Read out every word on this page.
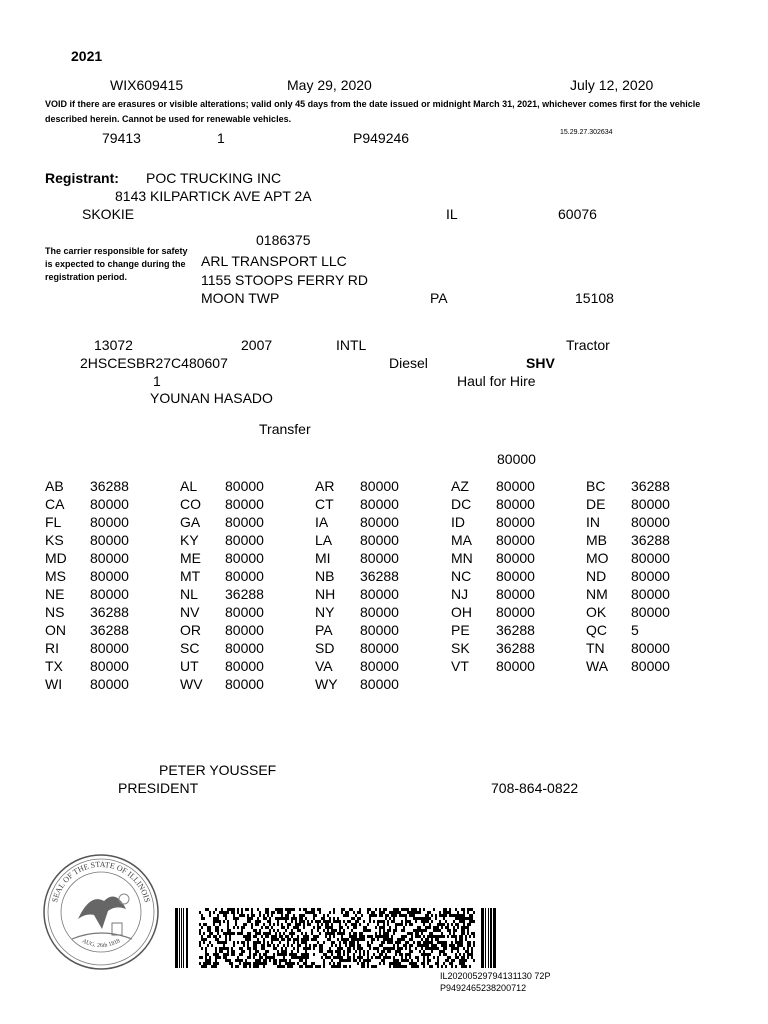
2021
WIX609415	May 29, 2020	July 12, 2020
VOID if there are erasures or visible alterations; valid only 45 days from the date issued or midnight March 31, 2021, whichever comes first for the vehicle described herein. Cannot be used for renewable vehicles.
79413	1	P949246	15.29.27.302634
Registrant: POC TRUCKING INC
8143 KILPARTICK AVE APT 2A
SKOKIE	IL	60076
0186375
The carrier responsible for safety is expected to change during the registration period.
ARL TRANSPORT LLC
1155 STOOPS FERRY RD
MOON TWP	PA	15108
13072	2007	INTL	Tractor
2HSCESBR27C480607	Diesel	SHV
1	Haul for Hire
YOUNAN HASADO
Transfer
80000
AB 36288	AL 80000	AR 80000	AZ 80000	BC 36288
CA 80000	CO 80000	CT 80000	DC 80000	DE 80000
FL 80000	GA 80000	IA 80000	ID 80000	IN 80000
KS 80000	KY 80000	LA 80000	MA 80000	MB 36288
MD 80000	ME 80000	MI 80000	MN 80000	MO 80000
MS 80000	MT 80000	NB 36288	NC 80000	ND 80000
NE 80000	NL 36288	NH 80000	NJ 80000	NM 80000
NS 36288	NV 80000	NY 80000	OH 80000	OK 80000
ON 36288	OR 80000	PA 80000	PE 36288	QC 5
RI 80000	SC 80000	SD 80000	SK 36288	TN 80000
TX 80000	UT 80000	VA 80000	VT 80000	WA 80000
WI 80000	WV 80000	WY 80000
PETER YOUSSEF
PRESIDENT	708-864-0822
SEAL OF THE STATE OF ILLINOIS
AUG. 26th 1818
IL20200529794131130 72P
P9492465238200712
